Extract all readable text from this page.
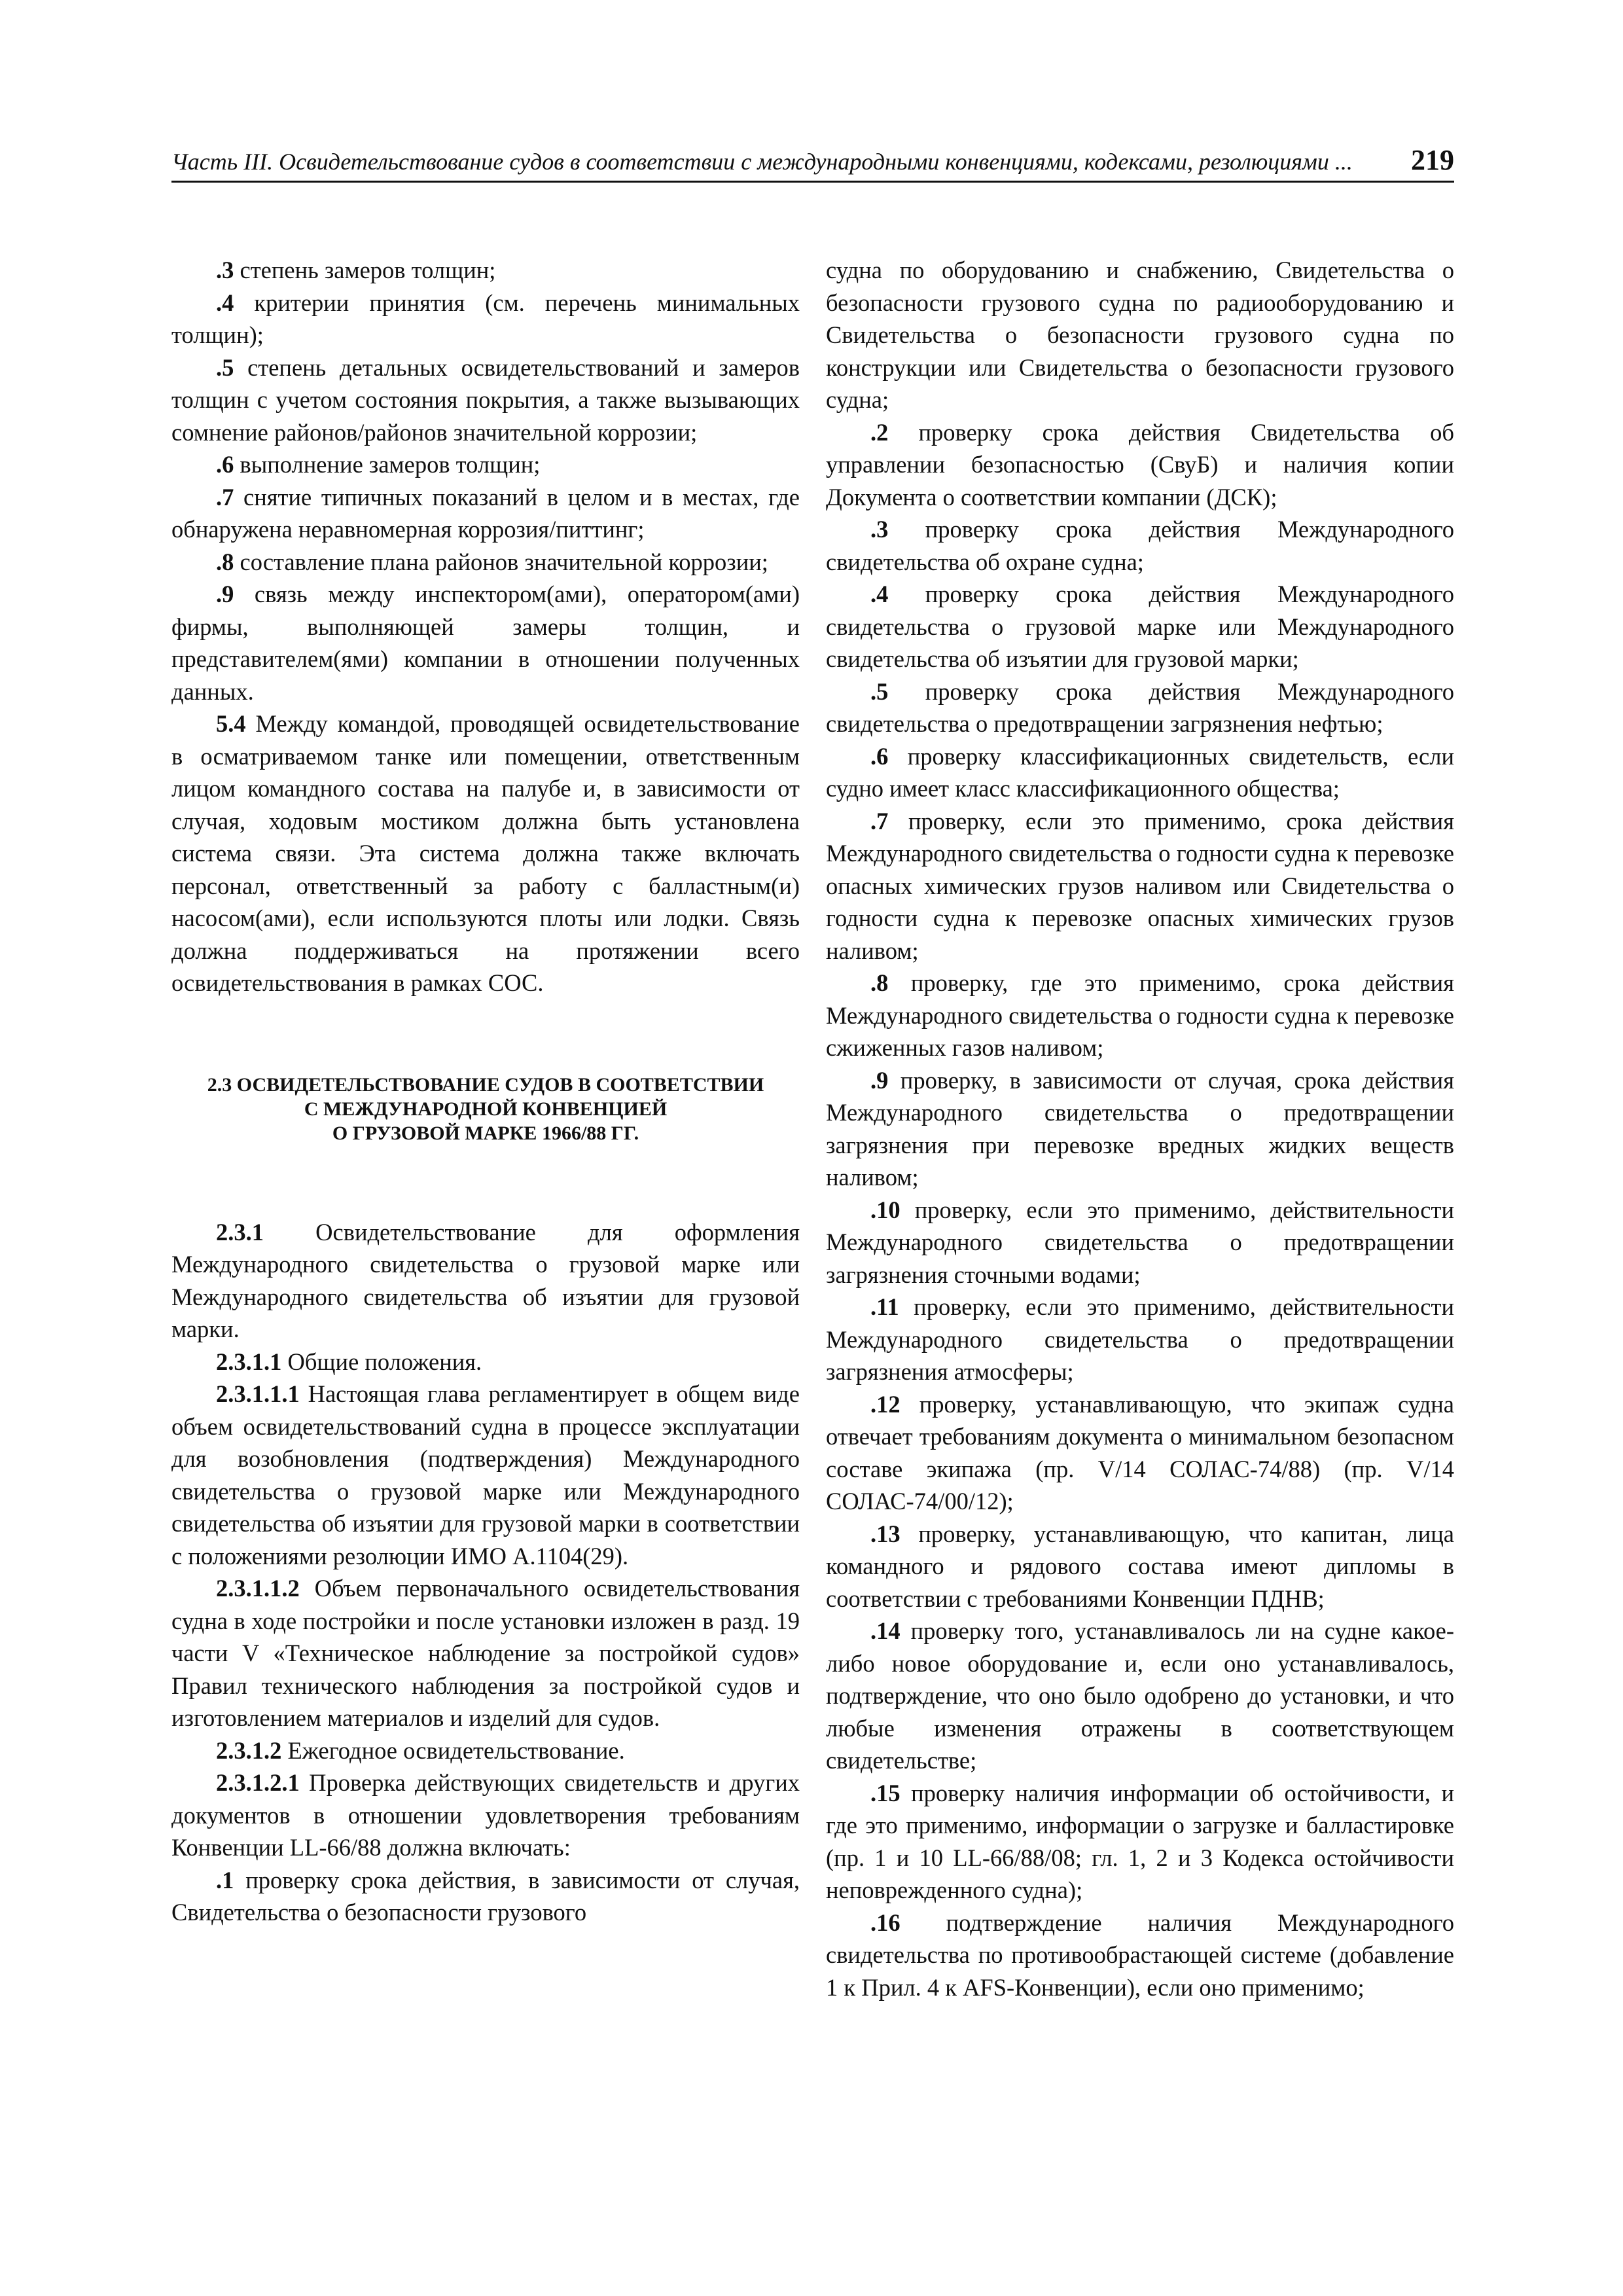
Часть III. Освидетельствование судов в соответствии с международными конвенциями, кодексами, резолюциями ... 219

.3 степень замеров толщин;

.4 критерии принятия (см. перечень минимальных толщин);

.5 степень детальных освидетельствований и замеров толщин с учетом состояния покрытия, а также вызывающих сомнение районов/районов значительной коррозии;

.6 выполнение замеров толщин;

.7 снятие типичных показаний в целом и в местах, где обнаружена неравномерная коррозия/питтинг;

.8 составление плана районов значительной коррозии;

.9 связь между инспектором(ами), оператором(ами) фирмы, выполняющей замеры толщин, и представителем(ями) компании в отношении полученных данных.

5.4 Между командой, проводящей освидетельствование в осматриваемом танке или помещении, ответственным лицом командного состава на палубе и, в зависимости от случая, ходовым мостиком должна быть установлена система связи. Эта система должна также включать персонал, ответственный за работу с балластным(и) насосом(ами), если используются плоты или лодки. Связь должна поддерживаться на протяжении всего освидетельствования в рамках СОС.

2.3 ОСВИДЕТЕЛЬСТВОВАНИЕ СУДОВ В СООТВЕТСТВИИ
С МЕЖДУНАРОДНОЙ КОНВЕНЦИЕЙ
О ГРУЗОВОЙ МАРКЕ 1966/88 ГГ.

2.3.1 Освидетельствование для оформления Международного свидетельства о грузовой марке или Международного свидетельства об изъятии для грузовой марки.

2.3.1.1 Общие положения.

2.3.1.1.1 Настоящая глава регламентирует в общем виде объем освидетельствований судна в процессе эксплуатации для возобновления (подтверждения) Международного свидетельства о грузовой марке или Международного свидетельства об изъятии для грузовой марки в соответствии с положениями резолюции ИМО А.1104(29).

2.3.1.1.2 Объем первоначального освидетельствования судна в ходе постройки и после установки изложен в разд. 19 части V «Техническое наблюдение за постройкой судов» Правил технического наблюдения за постройкой судов и изготовлением материалов и изделий для судов.

2.3.1.2 Ежегодное освидетельствование.

2.3.1.2.1 Проверка действующих свидетельств и других документов в отношении удовлетворения требованиям Конвенции LL-66/88 должна включать:

.1 проверку срока действия, в зависимости от случая, Свидетельства о безопасности грузового

судна по оборудованию и снабжению, Свидетельства о безопасности грузового судна по радиооборудованию и Свидетельства о безопасности грузового судна по конструкции или Свидетельства о безопасности грузового судна;

.2 проверку срока действия Свидетельства об управлении безопасностью (СвуБ) и наличия копии Документа о соответствии компании (ДСК);

.3 проверку срока действия Международного свидетельства об охране судна;

.4 проверку срока действия Международного свидетельства о грузовой марке или Международного свидетельства об изъятии для грузовой марки;

.5 проверку срока действия Международного свидетельства о предотвращении загрязнения нефтью;

.6 проверку классификационных свидетельств, если судно имеет класс классификационного общества;

.7 проверку, если это применимо, срока действия Международного свидетельства о годности судна к перевозке опасных химических грузов наливом или Свидетельства о годности судна к перевозке опасных химических грузов наливом;

.8 проверку, где это применимо, срока действия Международного свидетельства о годности судна к перевозке сжиженных газов наливом;

.9 проверку, в зависимости от случая, срока действия Международного свидетельства о предотвращении загрязнения при перевозке вредных жидких веществ наливом;

.10 проверку, если это применимо, действительности Международного свидетельства о предотвращении загрязнения сточными водами;

.11 проверку, если это применимо, действительности Международного свидетельства о предотвращении загрязнения атмосферы;

.12 проверку, устанавливающую, что экипаж судна отвечает требованиям документа о минимальном безопасном составе экипажа (пр. V/14 СОЛАС-74/88) (пр. V/14 СОЛАС-74/00/12);

.13 проверку, устанавливающую, что капитан, лица командного и рядового состава имеют дипломы в соответствии с требованиями Конвенции ПДНВ;

.14 проверку того, устанавливалось ли на судне какое-либо новое оборудование и, если оно устанавливалось, подтверждение, что оно было одобрено до установки, и что любые изменения отражены в соответствующем свидетельстве;

.15 проверку наличия информации об остойчивости, и где это применимо, информации о загрузке и балластировке (пр. 1 и 10 LL-66/88/08; гл. 1, 2 и 3 Кодекса остойчивости неповрежденного судна);

.16 подтверждение наличия Международного свидетельства по противообрастающей системе (добавление 1 к Прил. 4 к AFS-Конвенции), если оно применимо;
